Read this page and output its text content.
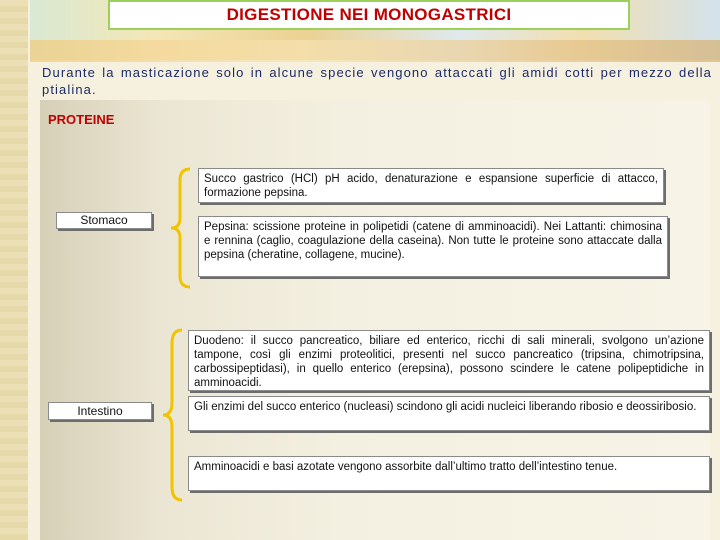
DIGESTIONE NEI MONOGASTRICI
Durante la masticazione solo in alcune specie vengono attaccati gli amidi cotti per mezzo della ptialina.
PROTEINE
Stomaco
Succo gastrico (HCl) pH acido, denaturazione e espansione superficie di attacco, formazione pepsina.
Pepsina: scissione proteine in polipetidi (catene di amminoacidi). Nei Lattanti: chimosina e rennina (caglio, coagulazione della caseina). Non tutte le proteine sono attaccate dalla pepsina (cheratine, collagene, mucine).
Intestino
Duodeno: il succo pancreatico, biliare ed enterico, ricchi di sali minerali, svolgono un’azione tampone, così gli enzimi proteolitici, presenti nel succo pancreatico (tripsina, chimotripsina, carbossipeptidasi), in quello enterico (erepsina), possono scindere le catene polipeptidiche in amminoacidi.
Gli enzimi del succo enterico (nucleasi) scindono gli acidi nucleici liberando ribosio e deossiribosio.
Amminoacidi e basi azotate vengono assorbite dall’ultimo tratto dell’intestino tenue.
